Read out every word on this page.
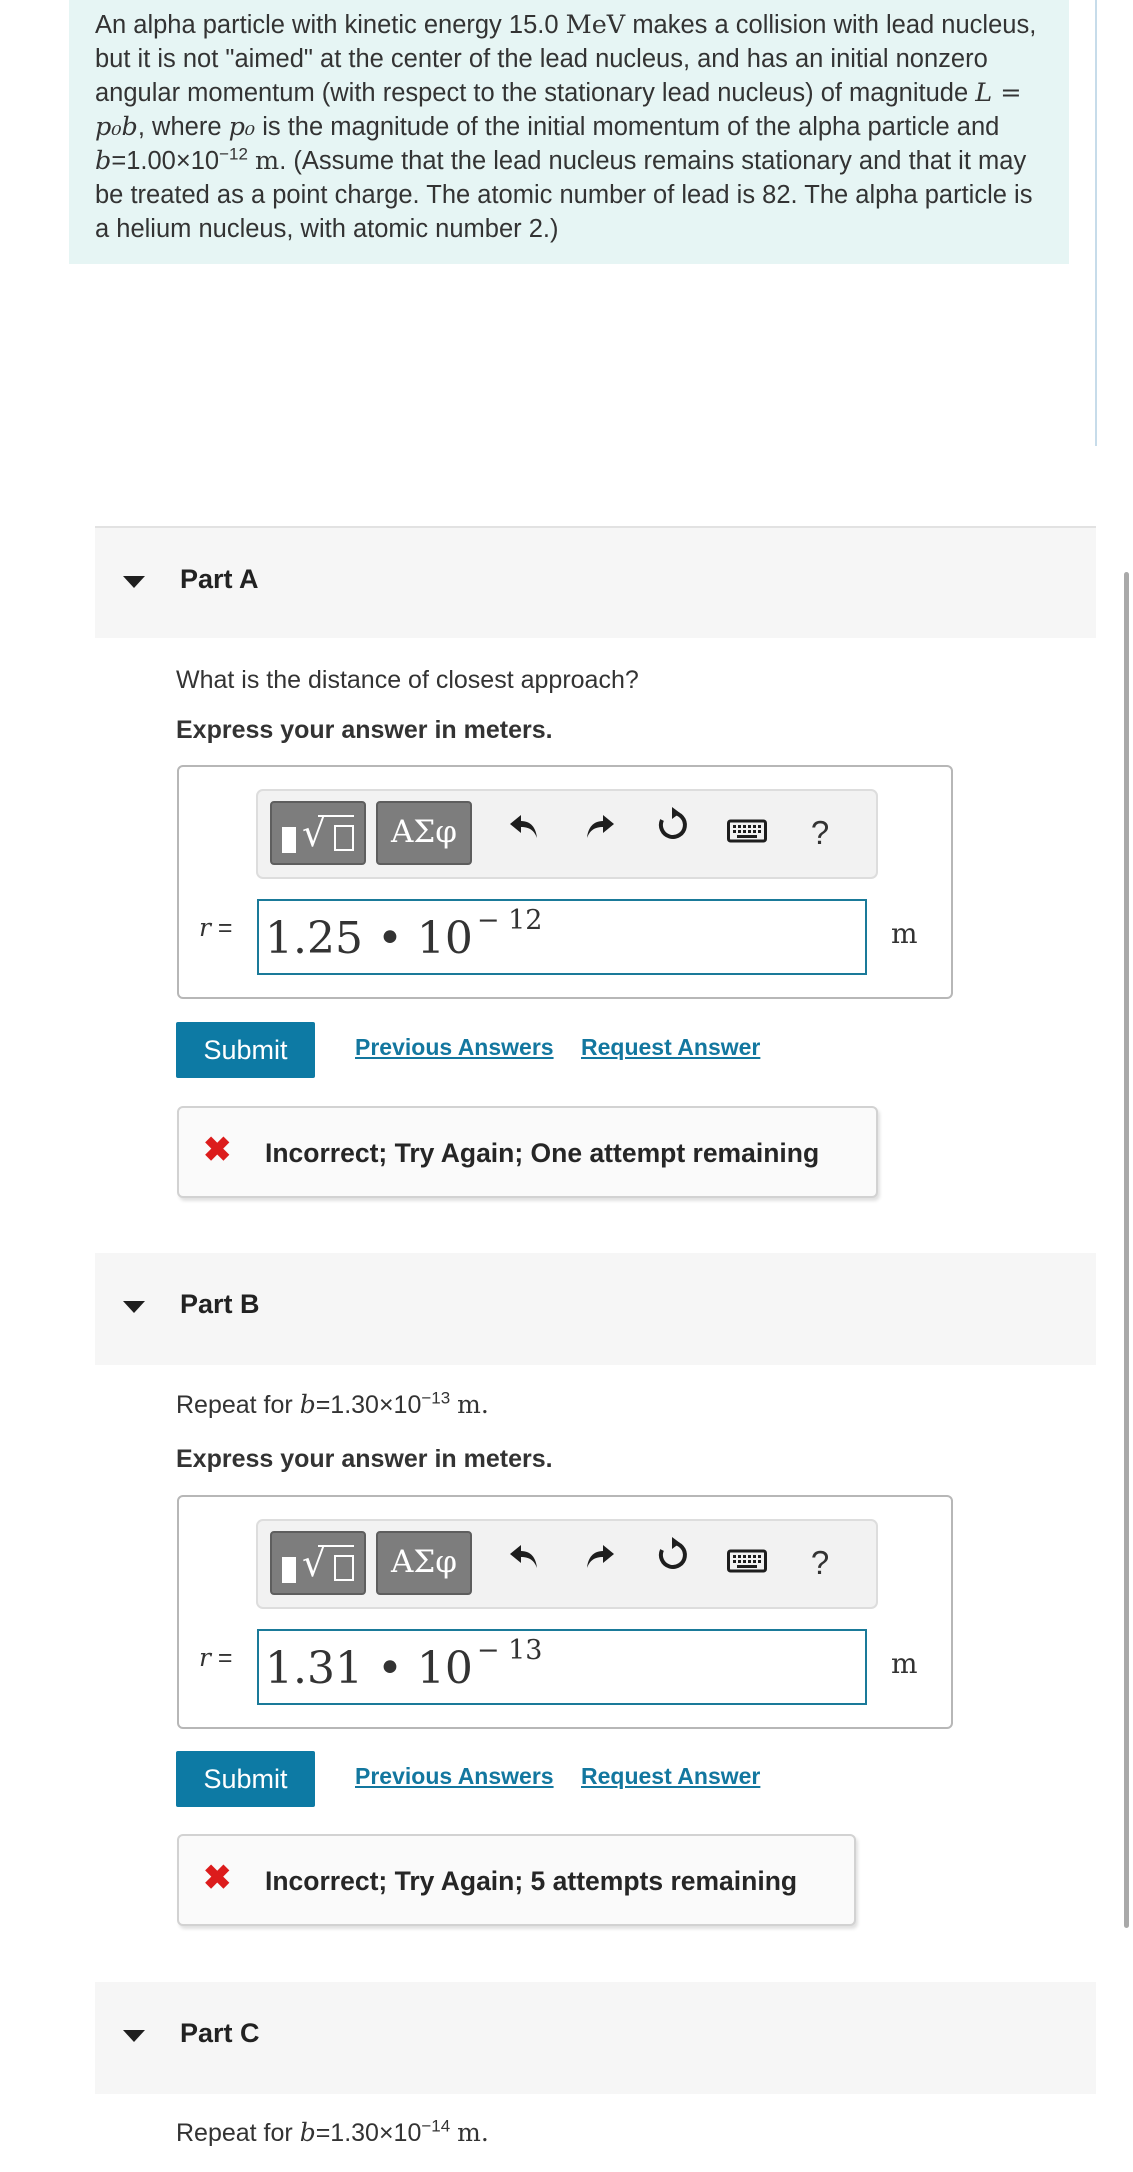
An alpha particle with kinetic energy 15.0 MeV makes a collision with lead nucleus, but it is not "aimed" at the center of the lead nucleus, and has an initial nonzero angular momentum (with respect to the stationary lead nucleus) of magnitude L = p₀b, where p₀ is the magnitude of the initial momentum of the alpha particle and $b=1.00\times 10^{-12}$ m. (Assume that the lead nucleus remains stationary and that it may be treated as a point charge. The atomic number of lead is 82. The alpha particle is a helium nucleus, with atomic number 2.)
Part A
What is the distance of closest approach?
Express your answer in meters.
√	ΑΣφ	?
r = 1.25 • 10 $^{- 12}$	m
Submit	Previous Answers Request Answer
✖ Incorrect; Try Again; One attempt remaining
Part B
Repeat for $b=1.30\times 10^{-13}$ m.
Express your answer in meters.
√	ΑΣφ	?
r = 1.31 • 10 $^{- 13}$	m
Submit	Previous Answers Request Answer
✖ Incorrect; Try Again; 5 attempts remaining
Part C
Repeat for $b=1.30\times 10^{-14}$ m.
